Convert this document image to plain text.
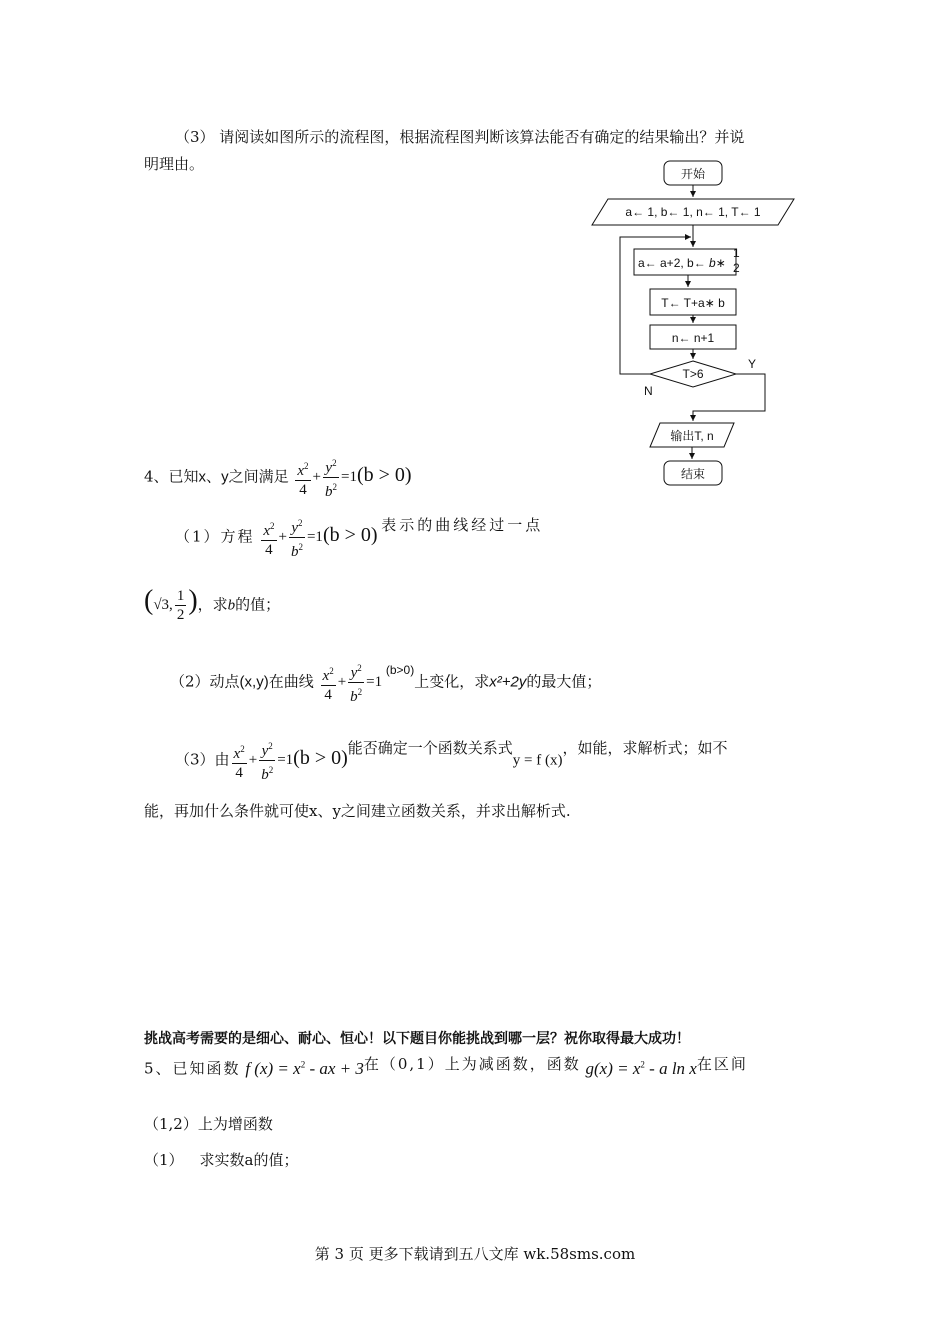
（3） 请阅读如图所示的流程图，根据流程图判断该算法能否有确定的结果输出？并说
明理由。
开始
a← 1, b← 1, n← 1, T← 1
a← a+2, b← b∗
1
2
T← T+a∗ b
n← n+1
T>6
N
Y
输出T, n
结束
4、已知x、y之间满足 $\frac{x^2}{4} + \frac{y^2}{b^2} =1(b > 0)$
（1）方程 $\frac{x^2}{4} + \frac{y^2}{b^2} =1(b > 0)$ 表示的曲线经过一点
(√3, $\frac{1}{2}$ )，求b的值；
（2）动点(x,y)在曲线 $\frac{x^2}{4} + \frac{y^2}{b^2} =1$ $^{(b>0)}$上变化，求x²+2y的最大值；
（3）由 $\frac{x^2}{4} + \frac{y^2}{b^2} =1(b > 0)$能否确定一个函数关系式y = f (x)，如能，求解析式；如不
能，再加什么条件就可使x、y之间建立函数关系，并求出解析式.
挑战高考需要的是细心、耐心、恒心！以下题目你能挑战到哪一层？祝你取得最大成功！
5、已知函数 f $(x) = x^2$ - ax + 3在（0,1）上为减函数，函数 $g(x) = x^2 - a$ ln x在区间
（1,2）上为增函数
（1） 求实数a的值；
第 3 页 更多下载请到五八文库 wk.58sms.com
